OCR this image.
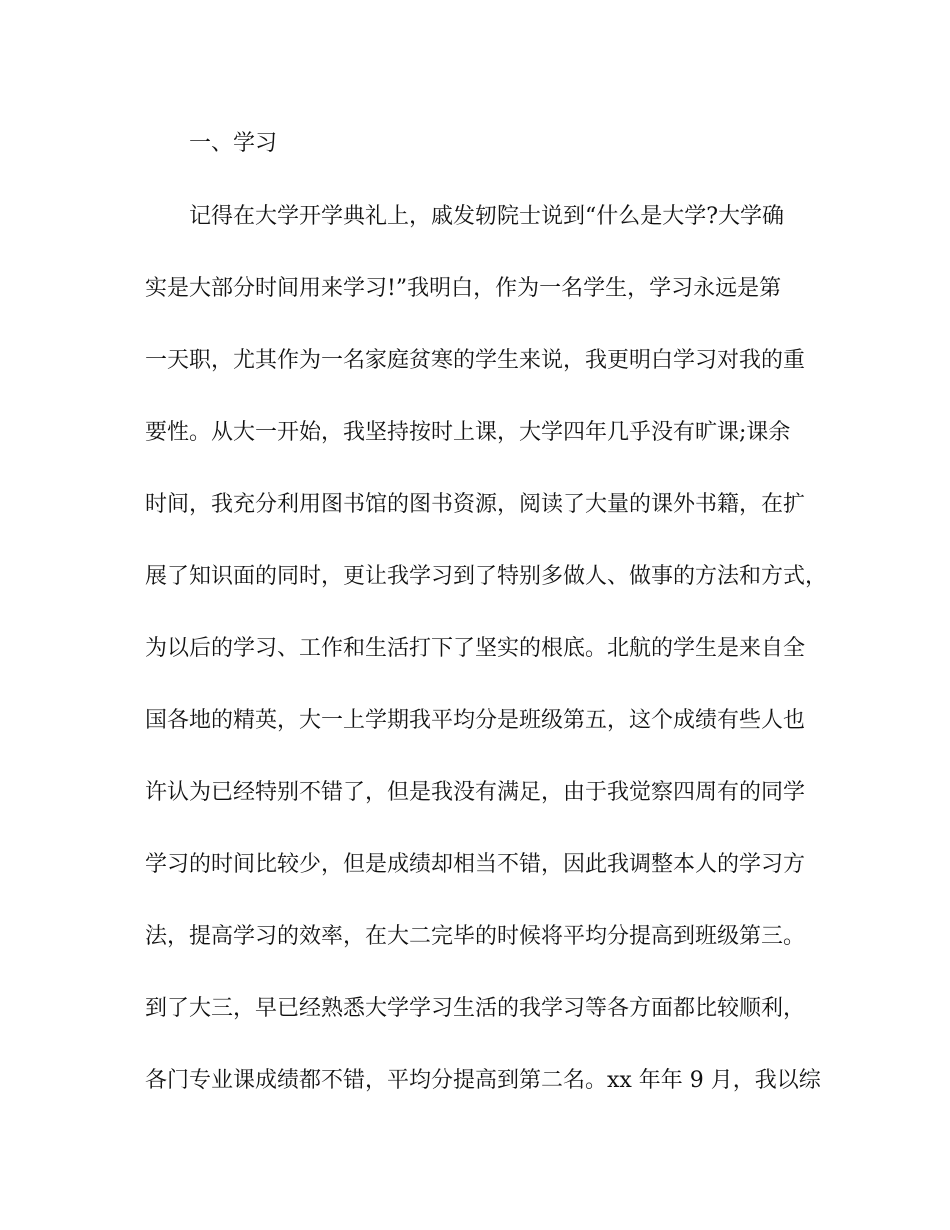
一、学习
记得在大学开学典礼上，戚发轫院士说到“什么是大学?大学确
实是大部分时间用来学习!”我明白，作为一名学生，学习永远是第
一天职，尤其作为一名家庭贫寒的学生来说，我更明白学习对我的重
要性。从大一开始，我坚持按时上课，大学四年几乎没有旷课;课余
时间，我充分利用图书馆的图书资源，阅读了大量的课外书籍，在扩
展了知识面的同时，更让我学习到了特别多做人、做事的方法和方式，
为以后的学习、工作和生活打下了坚实的根底。北航的学生是来自全
国各地的精英，大一上学期我平均分是班级第五，这个成绩有些人也
许认为已经特别不错了，但是我没有满足，由于我觉察四周有的同学
学习的时间比较少，但是成绩却相当不错，因此我调整本人的学习方
法，提高学习的效率，在大二完毕的时候将平均分提高到班级第三。
到了大三，早已经熟悉大学学习生活的我学习等各方面都比较顺利，
各门专业课成绩都不错，平均分提高到第二名。xx 年年 9 月，我以综
